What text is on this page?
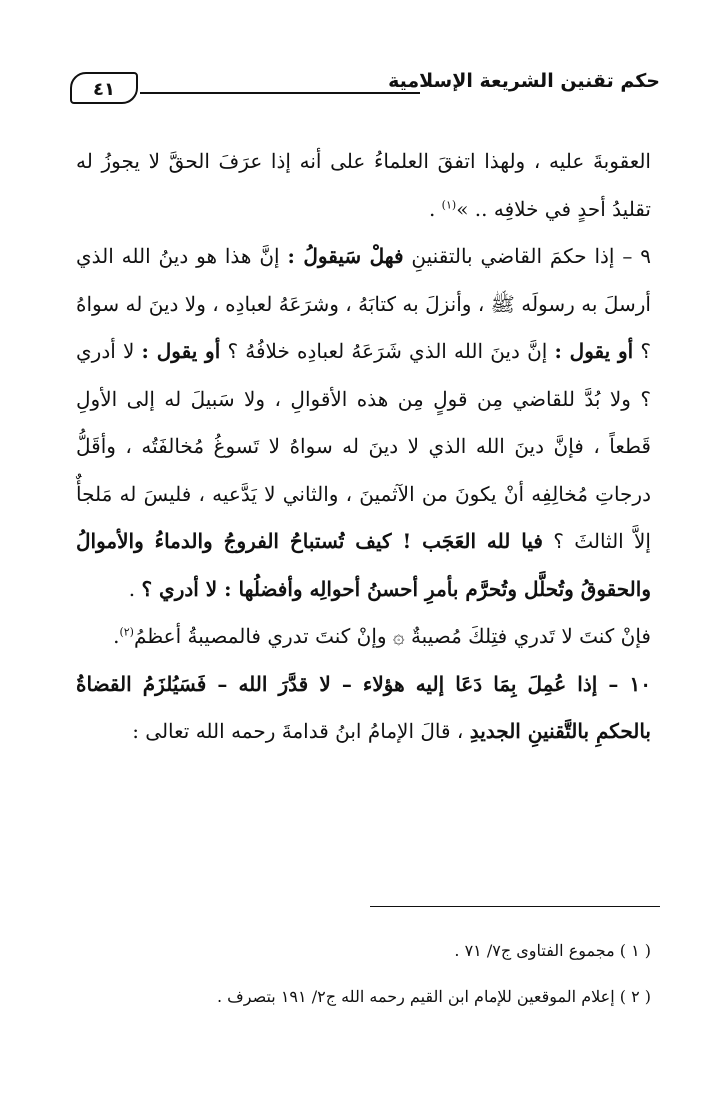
حكم تقنين الشريعة الإسلامية
٤١

العقوبةَ عليه ، ولهذا اتفقَ العلماءُ على أنه إذا عرَفَ الحقَّ لا يجوزُ له تقليدُ أحدٍ في خلافِه .. »$^{(١)}$ .

٩ – إذا حكمَ القاضي بالتقنينِ فهلْ سَيقولُ : إنَّ هذا هو دينُ الله الذي أرسلَ به رسولَه ﷺ ، وأنزلَ به كتابَهُ ، وشرَعَهُ لعبادِه ، ولا دينَ له سواهُ ؟ أو يقول : إنَّ دينَ الله الذي شَرَعَهُ لعبادِه خلافُهُ ؟ أو يقول : لا أدري ؟ ولا بُدَّ للقاضي مِن قولٍ مِن هذه الأقوالِ ، ولا سَبيلَ له إلى الأولِ قَطعاً ، فإنَّ دينَ الله الذي لا دينَ له سواهُ لا تَسوغُ مُخالفَتُه ، وأقَلُّ درجاتِ مُخالِفِه أنْ يكونَ من الآثمينَ ، والثاني لا يَدَّعيه ، فليسَ له مَلجأٌ إلاَّ الثالثَ ؟ فيا لله العَجَب ! كيف تُستباحُ الفروجُ والدماءُ والأموالُ والحقوقُ وتُحلَّل وتُحرَّم بأمرِ أحسنُ أحوالِه وأفضلُها : لا أدري ؟ .

فإنْ كنتَ لا تَدري فتِلكَ مُصيبةٌ ۞ وإنْ كنتَ تدري فالمصيبةُ أعظمُ$^{(٢)}$.

١٠ – إذا عُمِلَ بِمَا دَعَا إليه هؤلاء – لا قدَّرَ الله – فَسَيُلزَمُ القضاةُ بالحكمِ بالتَّقنينِ الجديدِ ، قالَ الإمامُ ابنُ قدامةَ رحمه الله تعالى :

( ١ ) مجموع الفتاوى ج٧/ ٧١ .

( ٢ ) إعلام الموقعين للإمام ابن القيم رحمه الله ج٢/ ١٩١ بتصرف .
